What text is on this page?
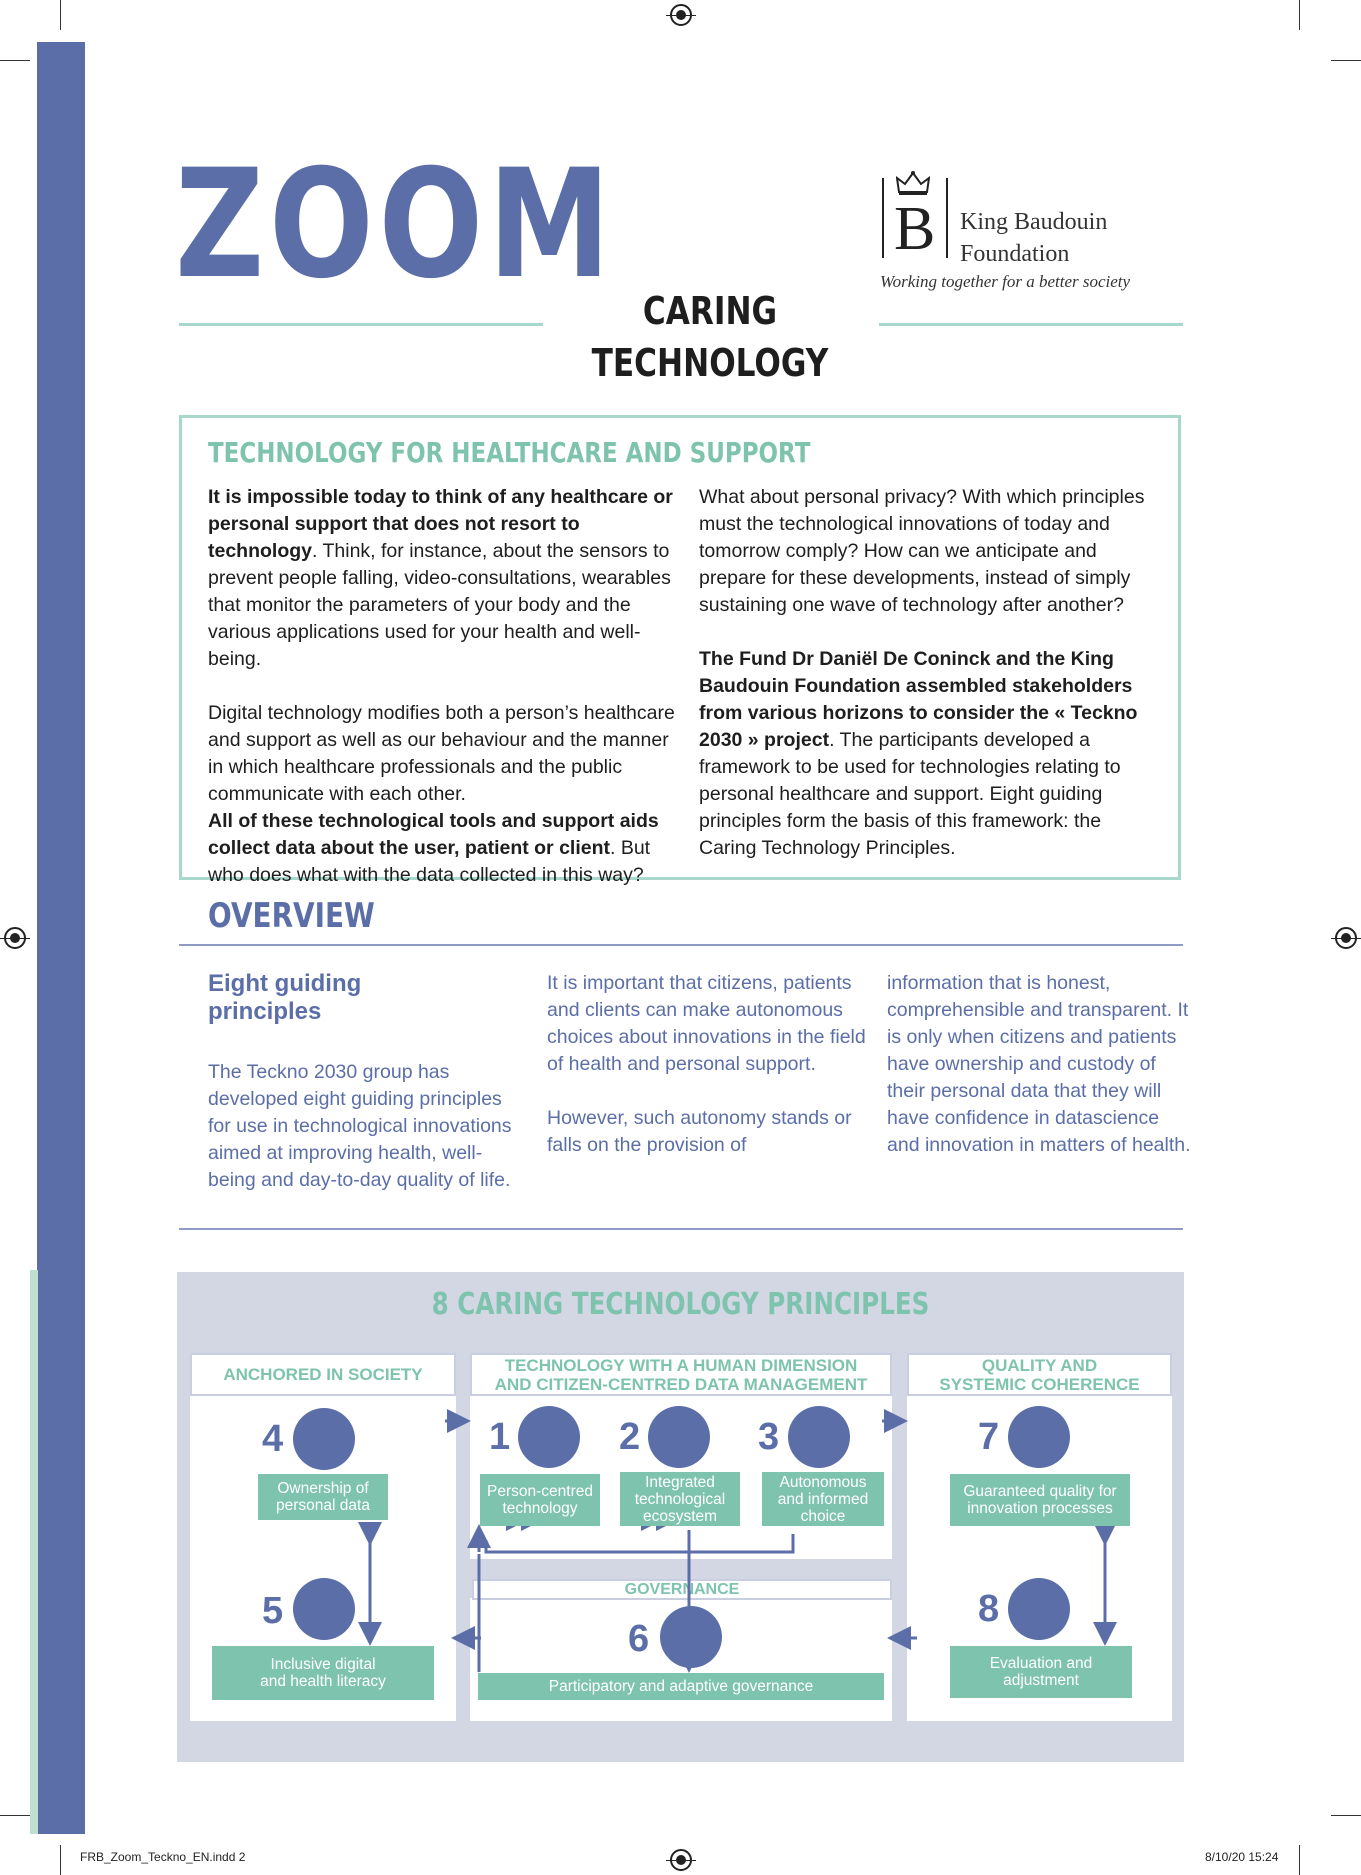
ZOOM CARING
TECHNOLOGY
B King Baudouin
Foundation
Working together for a better society
TECHNOLOGY FOR HEALTHCARE AND SUPPORT

It is impossible today to think of any healthcare or personal support that does not resort to technology. Think, for instance, about the sensors to prevent people falling, video-consultations, wearables that monitor the parameters of your body and the various applications used for your health and well-being.

Digital technology modifies both a person’s healthcare and support as well as our behaviour and the manner in which healthcare professionals and the public communicate with each other.

All of these technological tools and support aids collect data about the user, patient or client. But who does what with the data collected in this way?

What about personal privacy? With which principles must the technological innovations of today and tomorrow comply? How can we anticipate and prepare for these developments, instead of simply sustaining one wave of technology after another?

The Fund Dr Daniël De Coninck and the King Baudouin Foundation assembled stakeholders from various horizons to consider the « Teckno 2030 » project. The participants developed a framework to be used for technologies relating to personal healthcare and support. Eight guiding principles form the basis of this framework: the Caring Technology Principles.

OVERVIEW
Eight guiding principles

The Teckno 2030 group has developed eight guiding principles for use in technological innovations aimed at improving health, well-being and day-to-day quality of life.

It is important that citizens, patients and clients can make autonomous choices about innovations in the field of health and personal support.

However, such autonomy stands or falls on the provision of

information that is honest, comprehensible and transparent. It is only when citizens and patients have ownership and custody of their personal data that they will have confidence in datascience and innovation in matters of health.

8 CARING TECHNOLOGY PRINCIPLES
ANCHORED IN SOCIETY	TECHNOLOGY WITH A HUMAN DIMENSION
AND CITIZEN-CENTRED DATA MANAGEMENT
QUALITY AND
SYSTEMIC COHERENCE
GOVERNANCE
4
Ownership of
personal data
5
Inclusive digital
and health literacy
1
Person-centred
technology
2
Integrated
technological
ecosystem
3
Autonomous
and informed
choice
6
Participatory and adaptive governance
7
Guaranteed quality for
innovation processes
8
Evaluation and
adjustment
FRB_Zoom_Teckno_EN.indd 2	8/10/20 15:24
